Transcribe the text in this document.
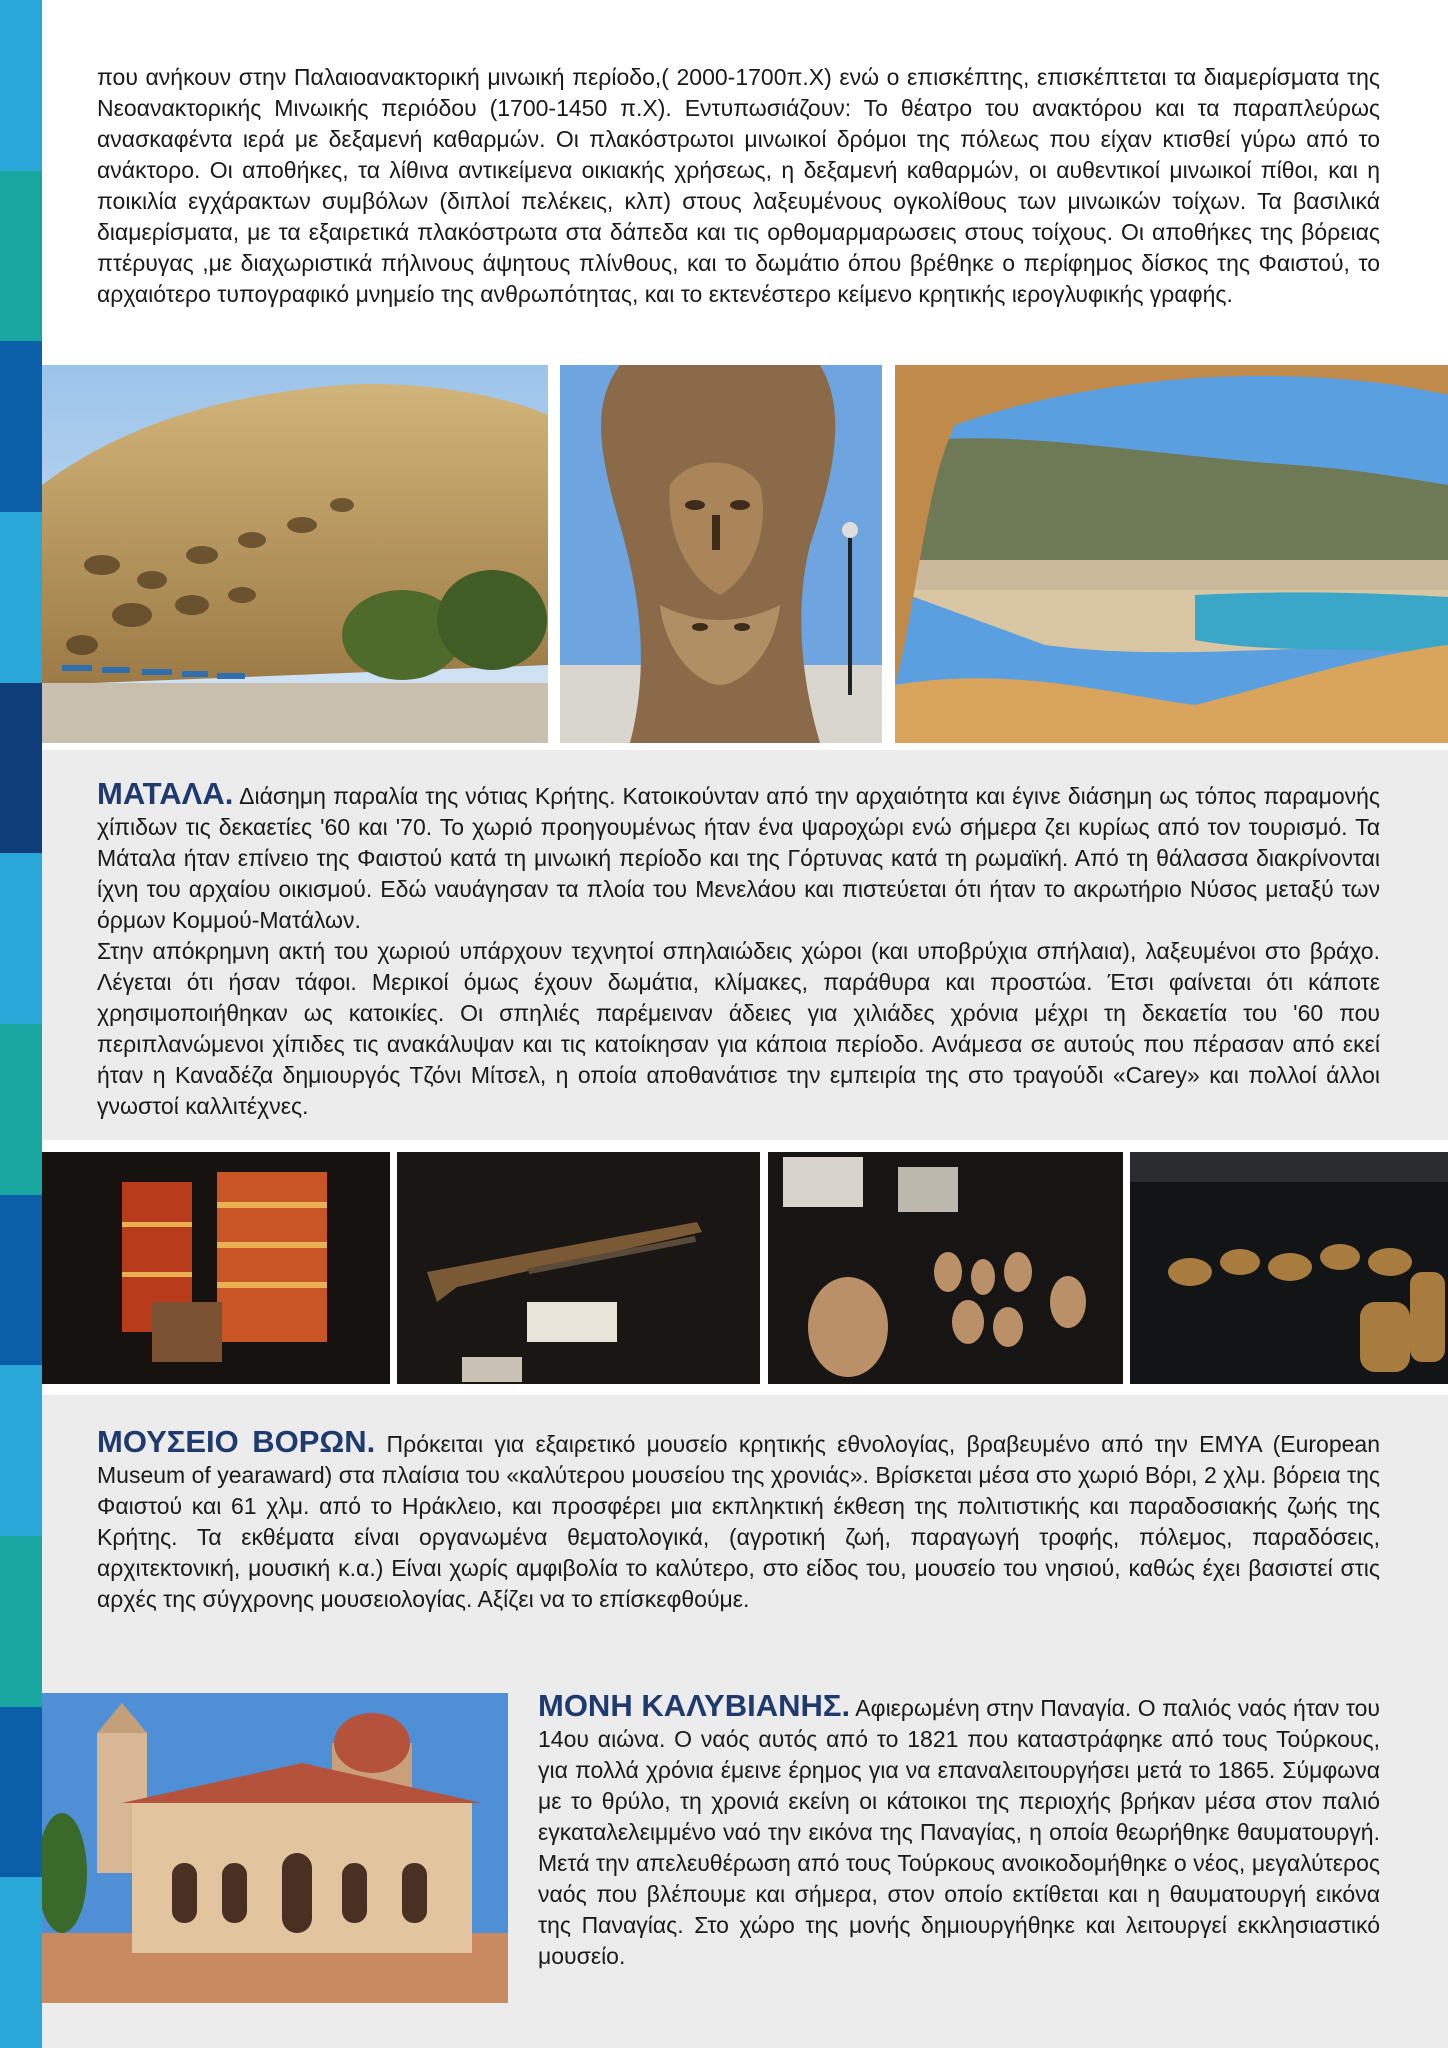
που ανήκουν στην Παλαιοανακτορική μινωική περίοδο,( 2000-1700π.Χ) ενώ ο επισκέπτης, επισκέπτεται τα διαμερίσματα της Νεοανακτορικής Μινωικής περιόδου (1700-1450 π.Χ). Εντυπωσιάζουν: Το θέατρο του ανακτόρου και τα παραπλεύρως ανασκαφέντα ιερά με δεξαμενή καθαρμών. Οι πλακόστρωτοι μινωικοί δρόμοι της πόλεως που είχαν κτισθεί γύρω από το ανάκτορο. Οι αποθήκες, τα λίθινα αντικείμενα οικιακής χρήσεως, η δεξαμενή καθαρμών, οι αυθεντικοί μινωικοί πίθοι, και η ποικιλία εγχάρακτων συμβόλων (διπλοί πελέκεις, κλπ) στους λαξευμένους ογκολίθους των μινωικών τοίχων. Τα βασιλικά διαμερίσματα, με τα εξαιρετικά πλακόστρωτα στα δάπεδα και τις ορθομαρμαρωσεις στους τοίχους. Οι αποθήκες της βόρειας πτέρυγας ,με διαχωριστικά πήλινους άψητους πλίνθους, και το δωμάτιο όπου βρέθηκε ο περίφημος δίσκος της Φαιστού, το αρχαιότερο τυπογραφικό μνημείο της ανθρωπότητας, και το εκτενέστερο κείμενο κρητικής ιερογλυφικής γραφής.

ΜΑΤΑΛΑ. Διάσημη παραλία της νότιας Κρήτης. Κατοικούνταν από την αρχαιότητα και έγινε διάσημη ως τόπος παραμονής χίπιδων τις δεκαετίες '60 και '70. Το χωριό προηγουμένως ήταν ένα ψαροχώρι ενώ σήμερα ζει κυρίως από τον τουρισμό. Τα Μάταλα ήταν επίνειο της Φαιστού κατά τη μινωική περίοδο και της Γόρτυνας κατά τη ρωμαϊκή. Από τη θάλασσα διακρίνονται ίχνη του αρχαίου οικισμού. Εδώ ναυάγησαν τα πλοία του Μενελάου και πιστεύεται ότι ήταν το ακρωτήριο Νύσος μεταξύ των όρμων Κομμού-Ματάλων.

Στην απόκρημνη ακτή του χωριού υπάρχουν τεχνητοί σπηλαιώδεις χώροι (και υποβρύχια σπήλαια), λαξευμένοι στο βράχο. Λέγεται ότι ήσαν τάφοι. Μερικοί όμως έχουν δωμάτια, κλίμακες, παράθυρα και προστώα. Έτσι φαίνεται ότι κάποτε χρησιμοποιήθηκαν ως κατοικίες. Οι σπηλιές παρέμειναν άδειες για χιλιάδες χρόνια μέχρι τη δεκαετία του '60 που περιπλανώμενοι χίπιδες τις ανακάλυψαν και τις κατοίκησαν για κάποια περίοδο. Ανάμεσα σε αυτούς που πέρασαν από εκεί ήταν η Καναδέζα δημιουργός Τζόνι Μίτσελ, η οποία αποθανάτισε την εμπειρία της στο τραγούδι «Carey» και πολλοί άλλοι γνωστοί καλλιτέχνες.

ΜΟΥΣΕΙΟ ΒΟΡΩΝ. Πρόκειται για εξαιρετικό μουσείο κρητικής εθνολογίας, βραβευμένο από την ΕΜΥΑ (European Museum of yearaward) στα πλαίσια του «καλύτερου μουσείου της χρονιάς». Βρίσκεται μέσα στο χωριό Βόρι, 2 χλμ. βόρεια της Φαιστού και 61 χλμ. από το Ηράκλειο, και προσφέρει μια εκπληκτική έκθεση της πολιτιστικής και παραδοσιακής ζωής της Κρήτης. Τα εκθέματα είναι οργανωμένα θεματολογικά, (αγροτική ζωή, παραγωγή τροφής, πόλεμος, παραδόσεις, αρχιτεκτονική, μουσική κ.α.) Είναι χωρίς αμφιβολία το καλύτερο, στο είδος του, μουσείο του νησιού, καθώς έχει βασιστεί στις αρχές της σύγχρονης μουσειολογίας. Αξίζει να το επίσκεφθούμε.

ΜΟΝΗ ΚΑΛΥΒΙΑΝΗΣ. Αφιερωμένη στην Παναγία. Ο παλιός ναός ήταν του 14ου αιώνα. Ο ναός αυτός από το 1821 που καταστράφηκε από τους Τούρκους, για πολλά χρόνια έμεινε έρημος για να επαναλειτουργήσει μετά το 1865. Σύμφωνα με το θρύλο, τη χρονιά εκείνη οι κάτοικοι της περιοχής βρήκαν μέσα στον παλιό εγκαταλελειμμένο ναό την εικόνα της Παναγίας, η οποία θεωρήθηκε θαυματουργή. Μετά την απελευθέρωση από τους Τούρκους ανοικοδομήθηκε ο νέος, μεγαλύτερος ναός που βλέπουμε και σήμερα, στον οποίο εκτίθεται και η θαυματουργή εικόνα της Παναγίας. Στο χώρο της μονής δημιουργήθηκε και λειτουργεί εκκλησιαστικό μουσείο.
